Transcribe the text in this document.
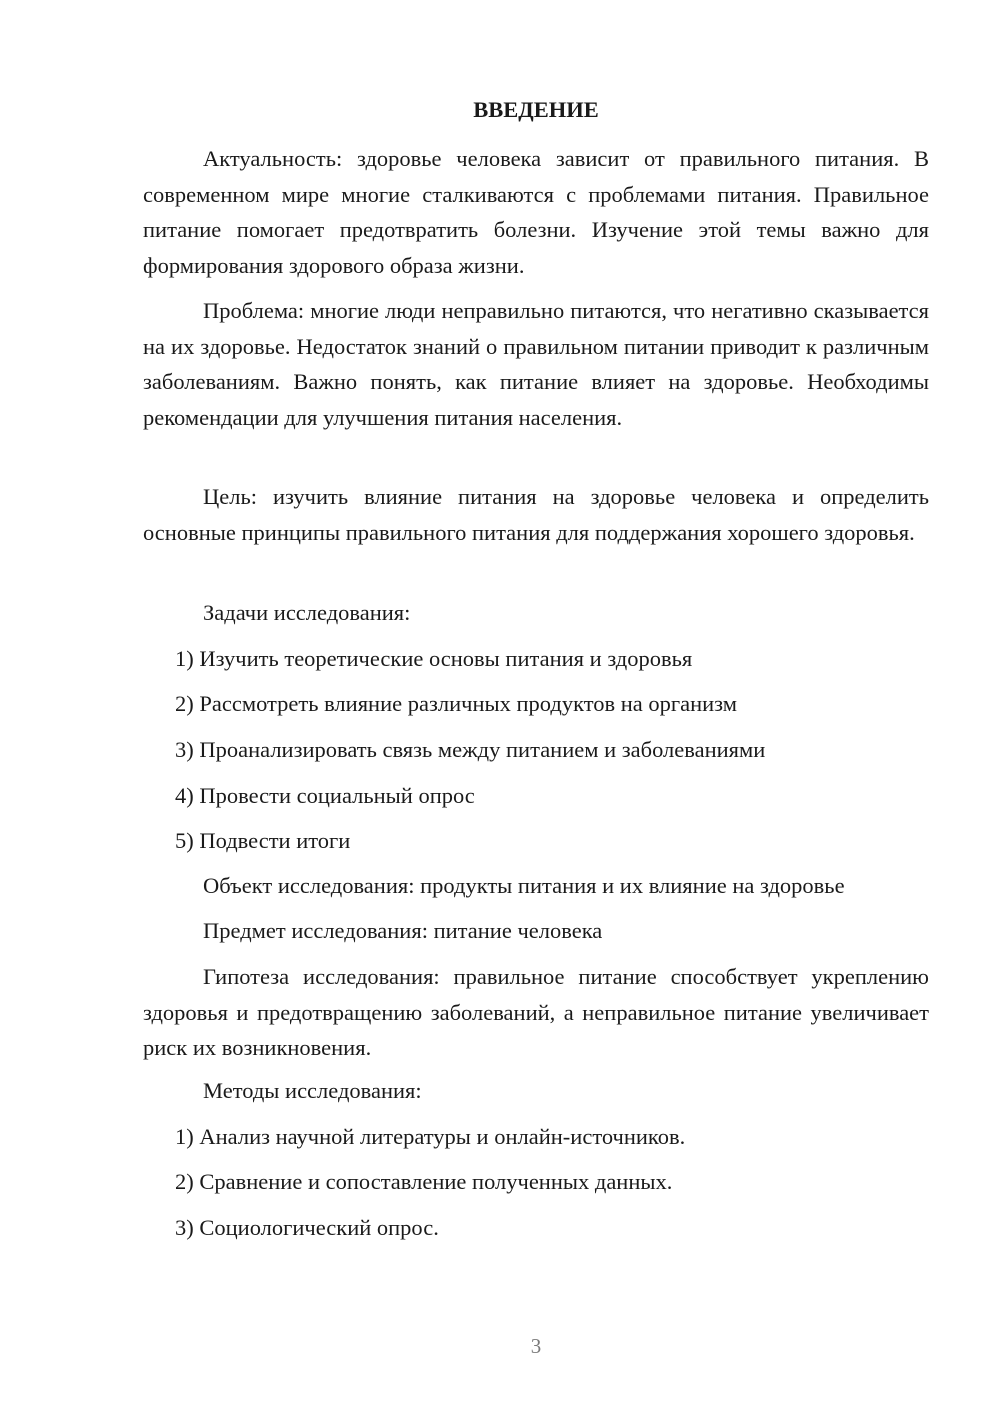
ВВЕДЕНИЕ

Актуальность: здоровье человека зависит от правильного питания. В современном мире многие сталкиваются с проблемами питания. Правильное питание помогает предотвратить болезни. Изучение этой темы важно для формирования здорового образа жизни.

Проблема: многие люди неправильно питаются, что негативно сказывается на их здоровье. Недостаток знаний о правильном питании приводит к различным заболеваниям. Важно понять, как питание влияет на здоровье. Необходимы рекомендации для улучшения питания населения.

Цель: изучить влияние питания на здоровье человека и определить основные принципы правильного питания для поддержания хорошего здоровья.

Задачи исследования:

1) Изучить теоретические основы питания и здоровья

2) Рассмотреть влияние различных продуктов на организм

3) Проанализировать связь между питанием и заболеваниями

4) Провести социальный опрос

5) Подвести итоги

Объект исследования: продукты питания и их влияние на здоровье

Предмет исследования: питание человека

Гипотеза исследования: правильное питание способствует укреплению здоровья и предотвращению заболеваний, а неправильное питание увеличивает риск их возникновения.

Методы исследования:

1) Анализ научной литературы и онлайн-источников.

2) Сравнение и сопоставление полученных данных.

3) Социологический опрос.

3
